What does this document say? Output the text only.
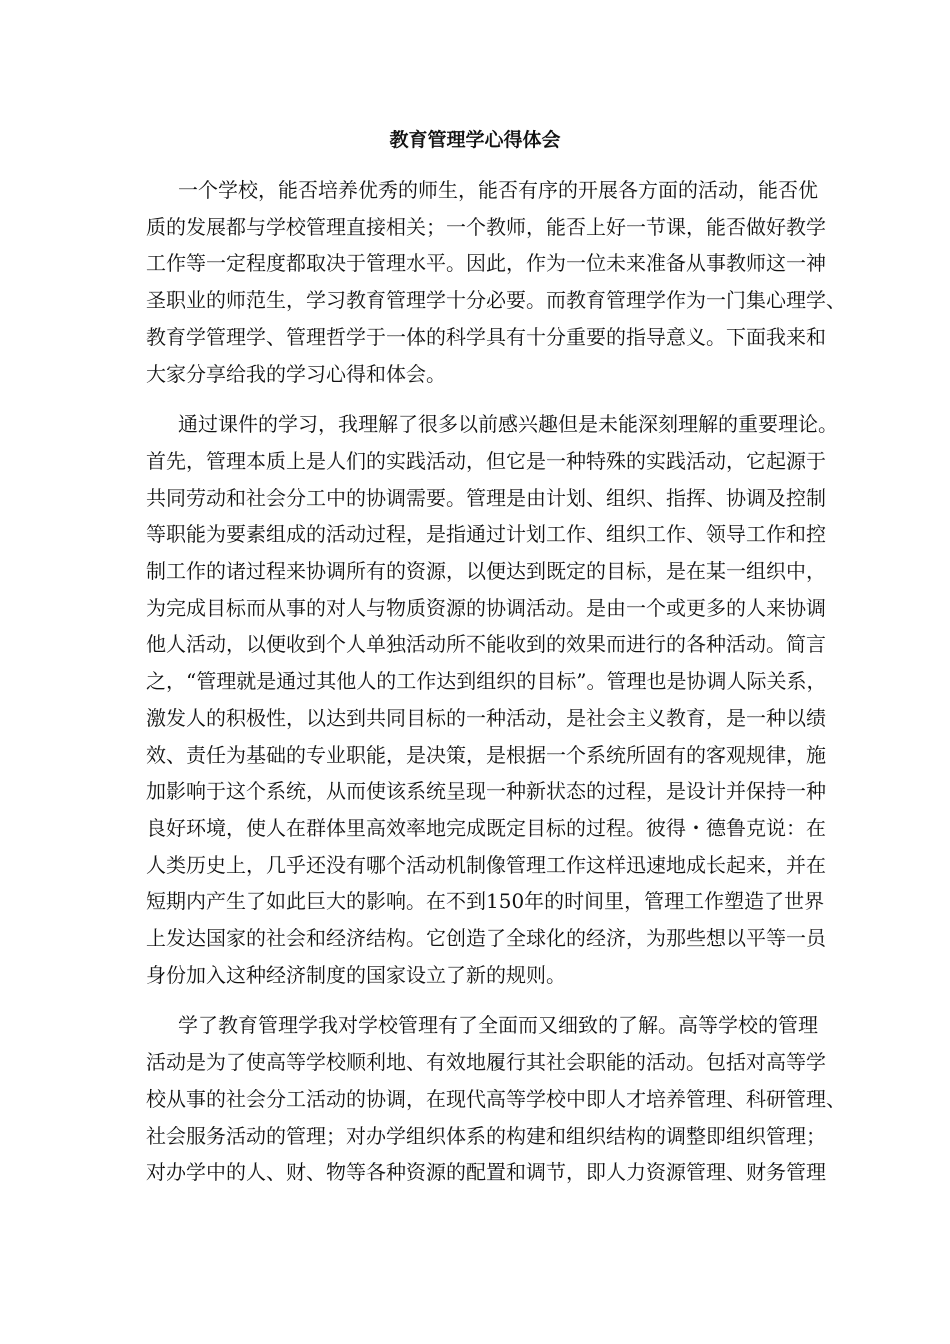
教育管理学心得体会

一个学校，能否培养优秀的师生，能否有序的开展各方面的活动，能否优
质的发展都与学校管理直接相关；一个教师，能否上好一节课，能否做好教学
工作等一定程度都取决于管理水平。因此，作为一位未来准备从事教师这一神
圣职业的师范生，学习教育管理学十分必要。而教育管理学作为一门集心理学、
教育学管理学、管理哲学于一体的科学具有十分重要的指导意义。下面我来和
大家分享给我的学习心得和体会。

通过课件的学习，我理解了很多以前感兴趣但是未能深刻理解的重要理论。
首先，管理本质上是人们的实践活动，但它是一种特殊的实践活动，它起源于
共同劳动和社会分工中的协调需要。管理是由计划、组织、指挥、协调及控制
等职能为要素组成的活动过程，是指通过计划工作、组织工作、领导工作和控
制工作的诸过程来协调所有的资源，以便达到既定的目标，是在某一组织中，
为完成目标而从事的对人与物质资源的协调活动。是由一个或更多的人来协调
他人活动，以便收到个人单独活动所不能收到的效果而进行的各种活动。简言
之，“管理就是通过其他人的工作达到组织的目标”。管理也是协调人际关系，
激发人的积极性，以达到共同目标的一种活动，是社会主义教育，是一种以绩
效、责任为基础的专业职能，是决策，是根据一个系统所固有的客观规律，施
加影响于这个系统，从而使该系统呈现一种新状态的过程，是设计并保持一种
良好环境，使人在群体里高效率地完成既定目标的过程。彼得・德鲁克说：在
人类历史上，几乎还没有哪个活动机制像管理工作这样迅速地成长起来，并在
短期内产生了如此巨大的影响。在不到150年的时间里，管理工作塑造了世界
上发达国家的社会和经济结构。它创造了全球化的经济，为那些想以平等一员
身份加入这种经济制度的国家设立了新的规则。

学了教育管理学我对学校管理有了全面而又细致的了解。高等学校的管理
活动是为了使高等学校顺利地、有效地履行其社会职能的活动。包括对高等学
校从事的社会分工活动的协调，在现代高等学校中即人才培养管理、科研管理、
社会服务活动的管理；对办学组织体系的构建和组织结构的调整即组织管理；
对办学中的人、财、物等各种资源的配置和调节，即人力资源管理、财务管理
